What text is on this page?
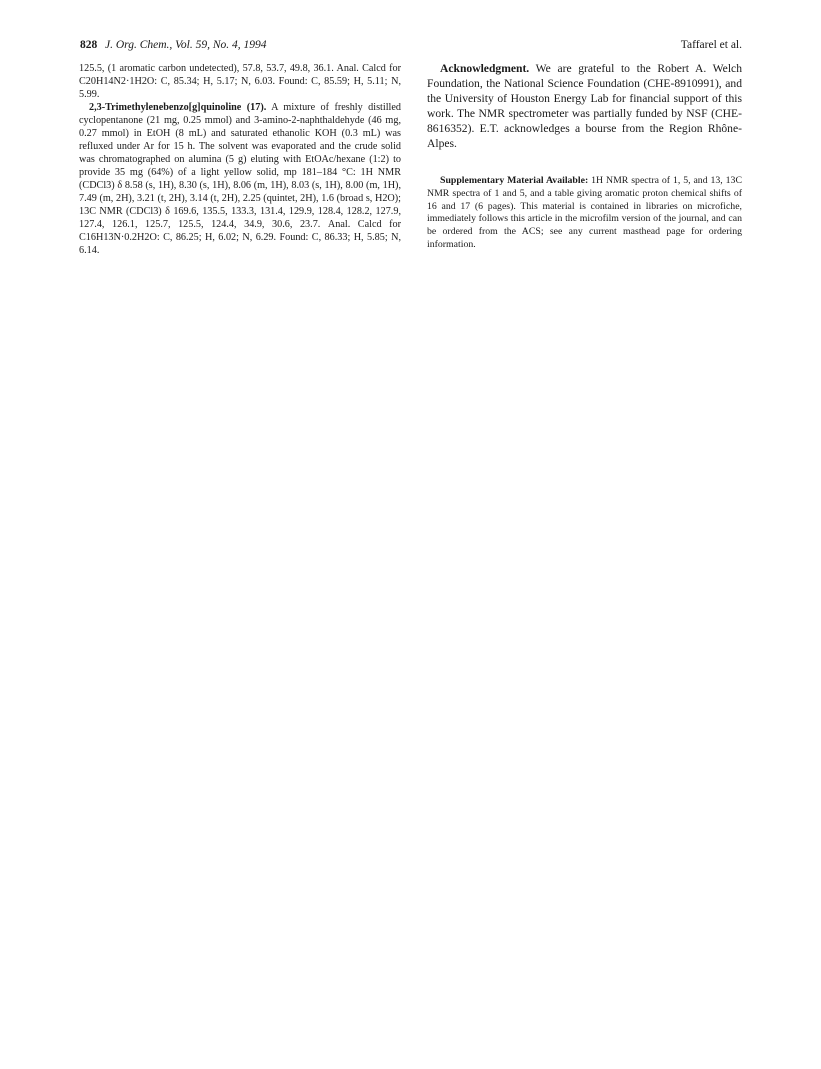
828 J. Org. Chem., Vol. 59, No. 4, 1994	Taffarel et al.

125.5, (1 aromatic carbon undetected), 57.8, 53.7, 49.8, 36.1. Anal. Calcd for C20H14N2·1H2O: C, 85.34; H, 5.17; N, 6.03. Found: C, 85.59; H, 5.11; N, 5.99.

2,3-Trimethylenebenzo[g]quinoline (17). A mixture of freshly distilled cyclopentanone (21 mg, 0.25 mmol) and 3-amino-2-naphthaldehyde (46 mg, 0.27 mmol) in EtOH (8 mL) and saturated ethanolic KOH (0.3 mL) was refluxed under Ar for 15 h. The solvent was evaporated and the crude solid was chromatographed on alumina (5 g) eluting with EtOAc/hexane (1:2) to provide 35 mg (64%) of a light yellow solid, mp 181–184 °C: 1H NMR (CDCl3) δ 8.58 (s, 1H), 8.30 (s, 1H), 8.06 (m, 1H), 8.03 (s, 1H), 8.00 (m, 1H), 7.49 (m, 2H), 3.21 (t, 2H), 3.14 (t, 2H), 2.25 (quintet, 2H), 1.6 (broad s, H2O); 13C NMR (CDCl3) δ 169.6, 135.5, 133.3, 131.4, 129.9, 128.4, 128.2, 127.9, 127.4, 126.1, 125.7, 125.5, 124.4, 34.9, 30.6, 23.7. Anal. Calcd for C16H13N·0.2H2O: C, 86.25; H, 6.02; N, 6.29. Found: C, 86.33; H, 5.85; N, 6.14.

Acknowledgment. We are grateful to the Robert A. Welch Foundation, the National Science Foundation (CHE-8910991), and the University of Houston Energy Lab for financial support of this work. The NMR spectrometer was partially funded by NSF (CHE-8616352). E.T. acknowledges a bourse from the Region Rhône-Alpes.

Supplementary Material Available: 1H NMR spectra of 1, 5, and 13, 13C NMR spectra of 1 and 5, and a table giving aromatic proton chemical shifts of 16 and 17 (6 pages). This material is contained in libraries on microfiche, immediately follows this article in the microfilm version of the journal, and can be ordered from the ACS; see any current masthead page for ordering information.
